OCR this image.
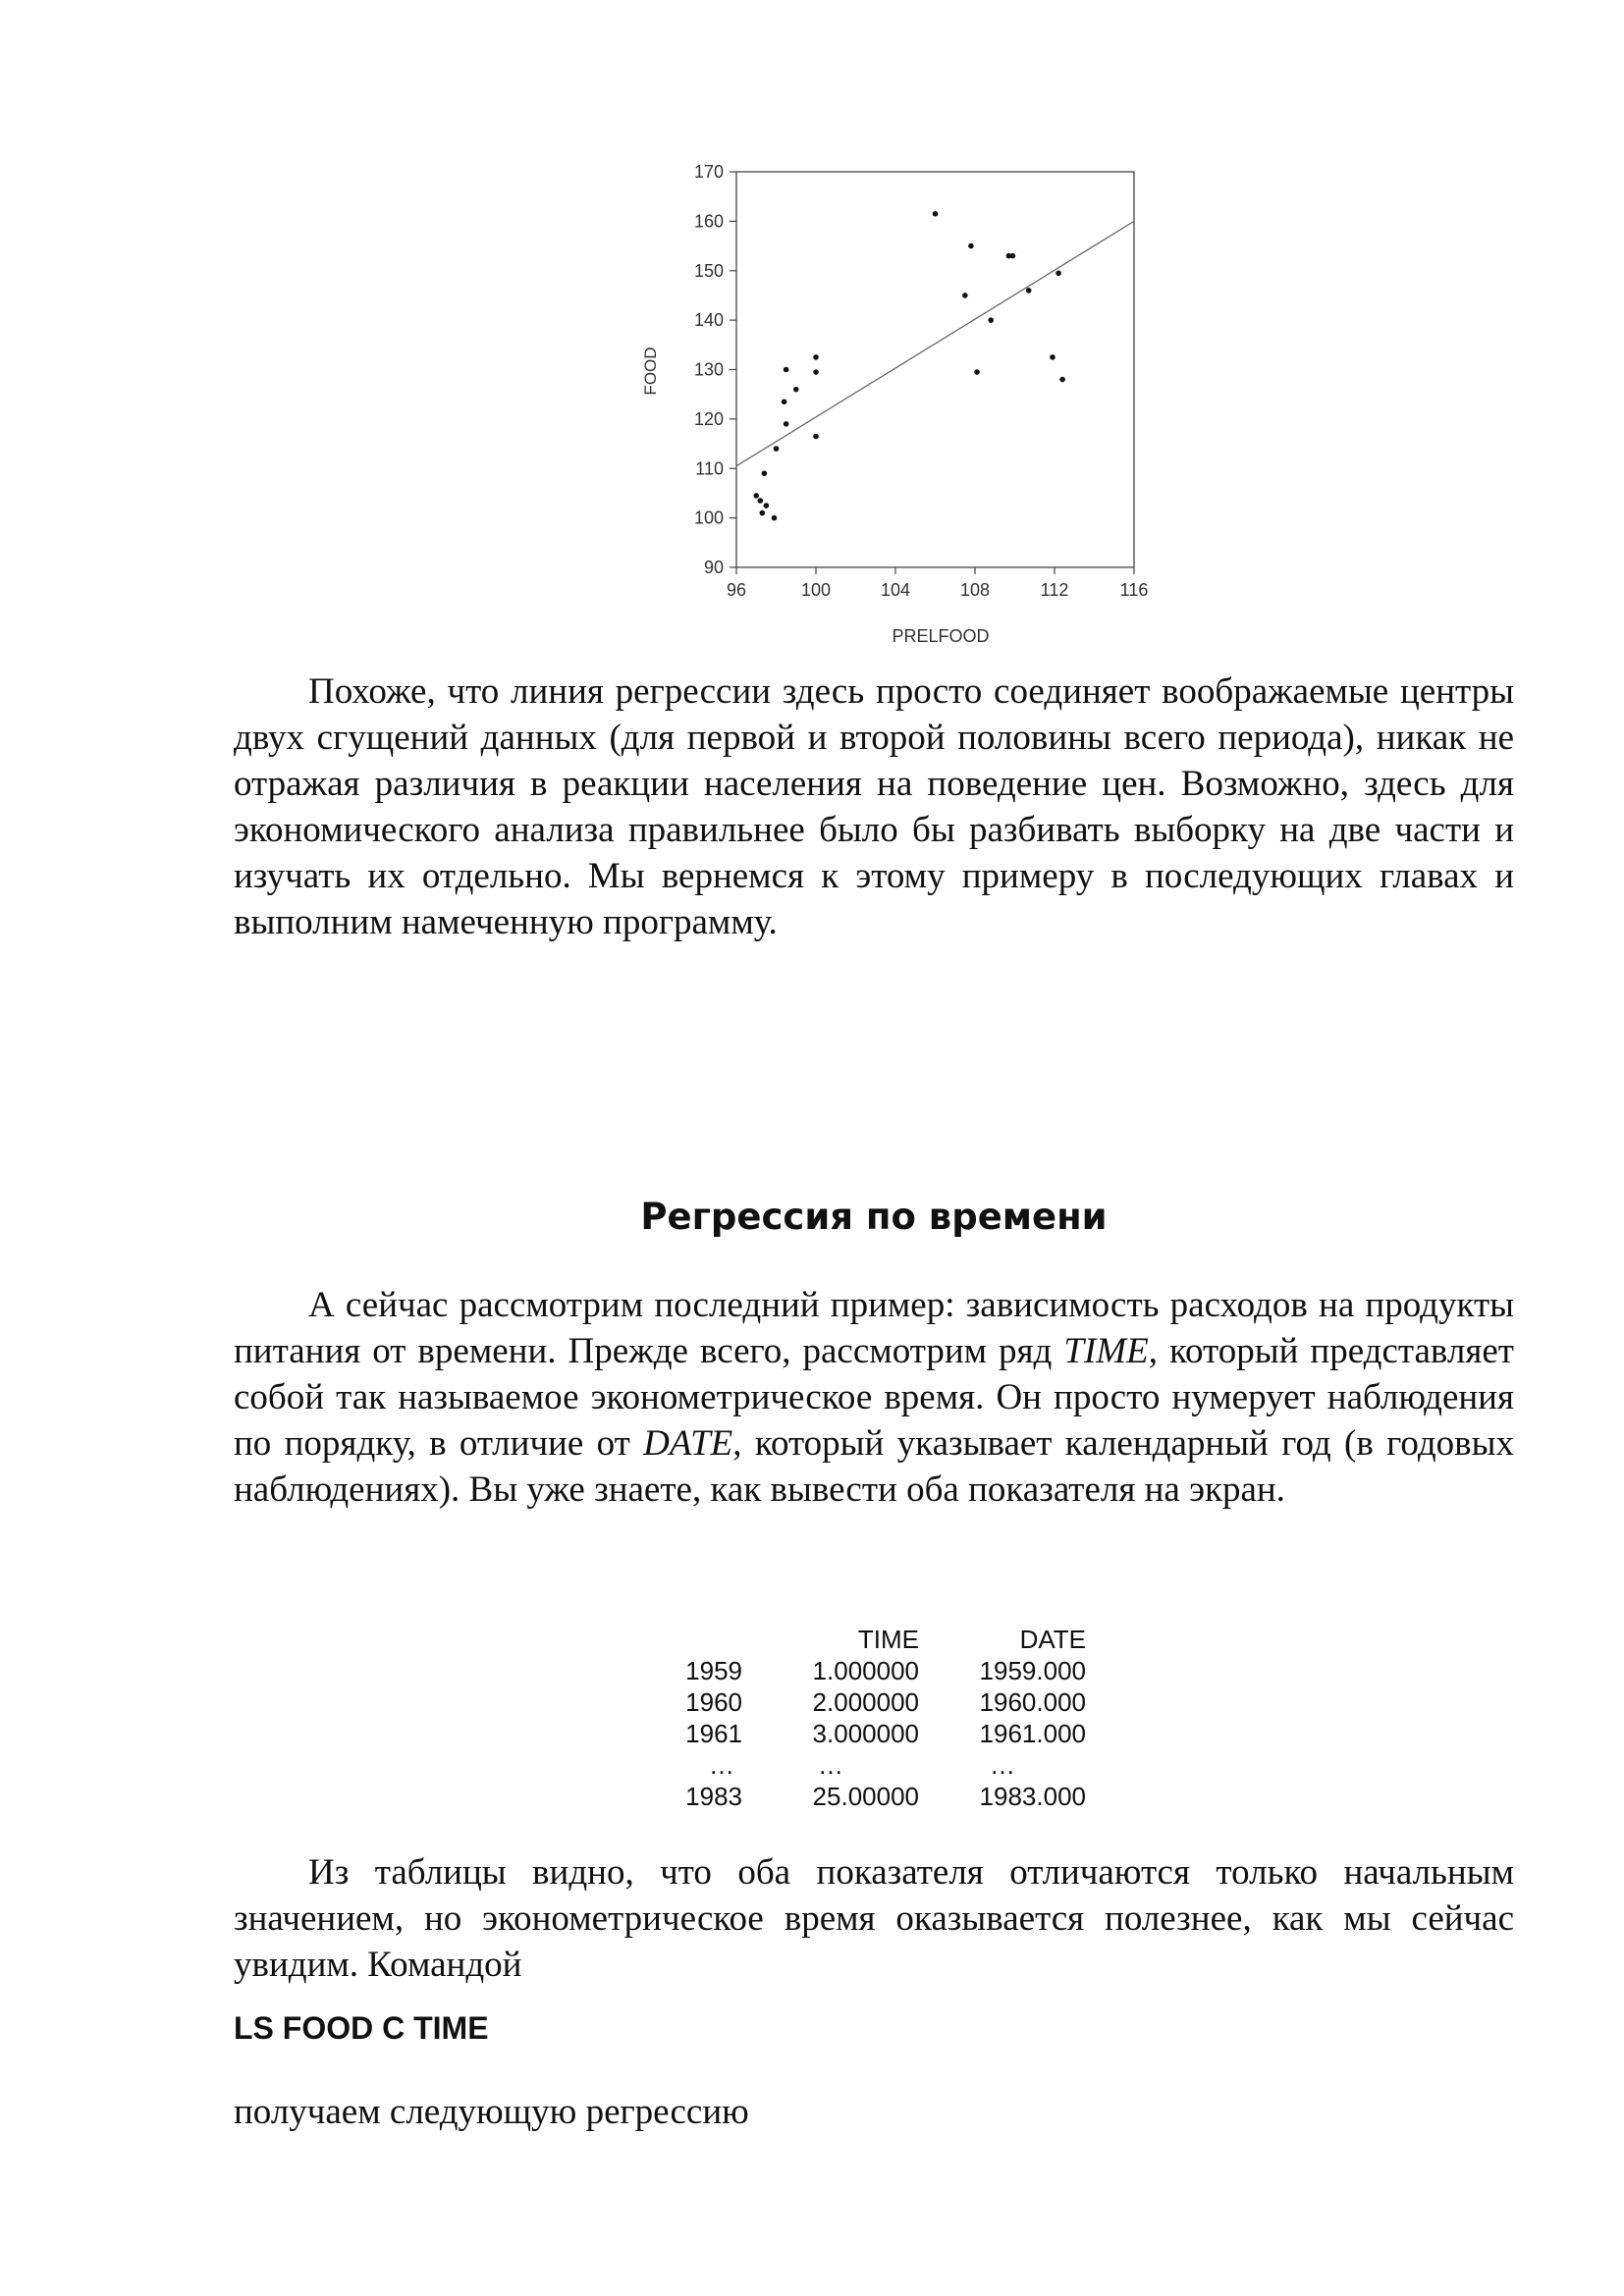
96	100	104	108	112	116
90
100
110
120
130
140
150
160
170
PRELFOOD
FOOD

Похоже, что линия регрессии здесь просто соединяет воображаемые центры двух сгущений данных (для первой и второй половины всего периода), никак не отражая различия в реакции населения на поведение цен. Возможно, здесь для экономического анализа правильнее было бы разбивать выборку на две части и изучать их отдельно. Мы вернемся к этому примеру в последующих главах и выполним намеченную программу.

Регрессия по времени

А сейчас рассмотрим последний пример: зависимость расходов на продукты питания от времени. Прежде всего, рассмотрим ряд TIME, который представляет собой так называемое эконометрическое время. Он просто нумерует наблюдения по порядку, в отличие от DATE, который указывает календарный год (в годовых наблюдениях). Вы уже знаете, как вывести оба показателя на экран.

	TIME	DATE
1959	1.000000	1959.000
1960	2.000000	1960.000
1961	3.000000	1961.000
…	…	…
1983	25.00000	1983.000

Из таблицы видно, что оба показателя отличаются только начальным значением, но эконометрическое время оказывается полезнее, как мы сейчас увидим. Командой

LS FOOD C TIME

получаем следующую регрессию
